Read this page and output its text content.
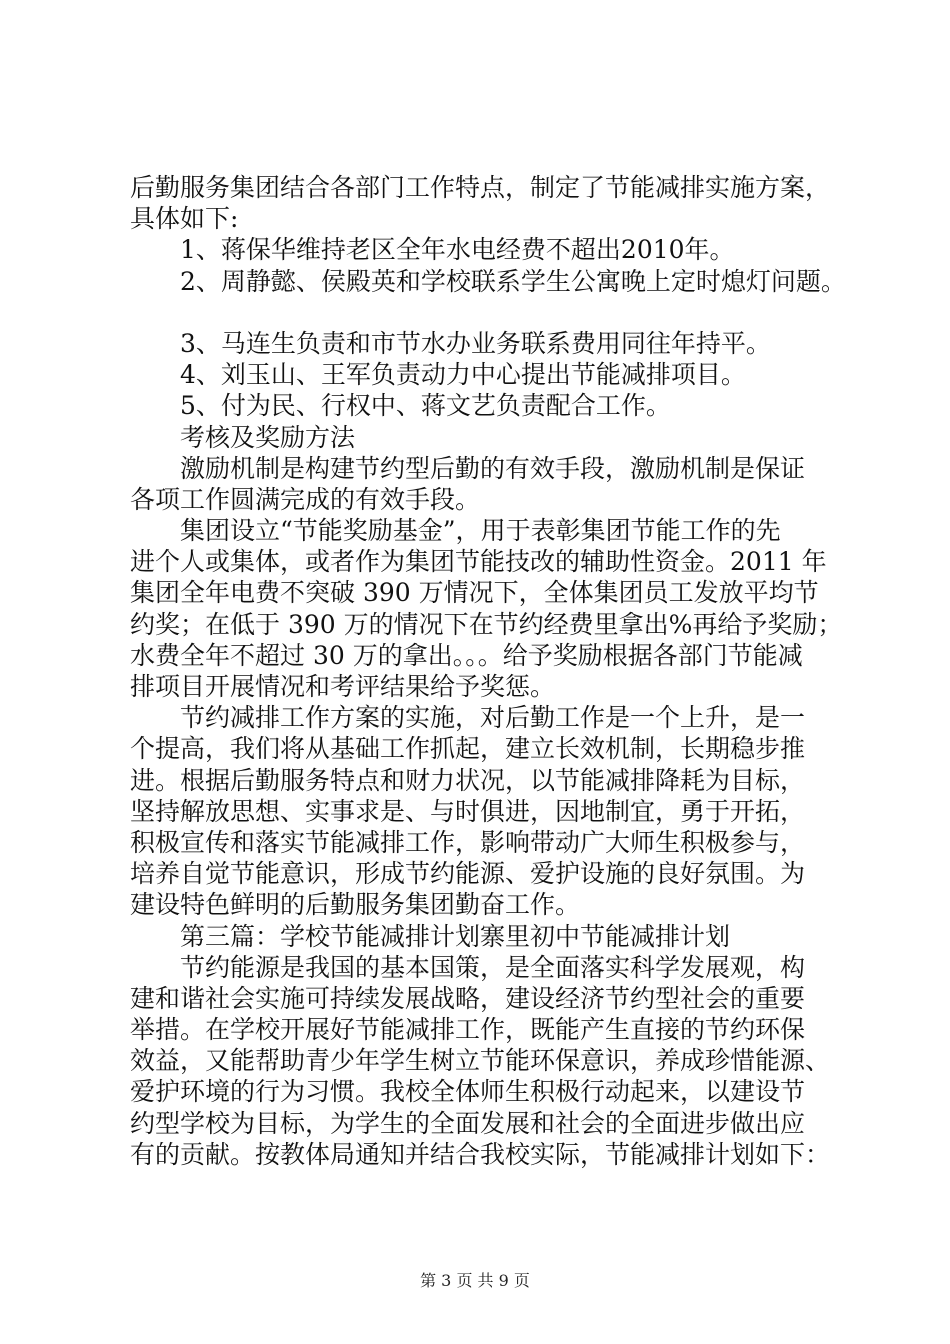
后勤服务集团结合各部门工作特点，制定了节能减排实施方案，
具体如下:
1、蒋保华维持老区全年水电经费不超出2010年。
2、周静懿、侯殿英和学校联系学生公寓晚上定时熄灯问题。
3、马连生负责和市节水办业务联系费用同往年持平。
4、刘玉山、王军负责动力中心提出节能减排项目。
5、付为民、行权中、蒋文艺负责配合工作。
考核及奖励方法
激励机制是构建节约型后勤的有效手段，激励机制是保证
各项工作圆满完成的有效手段。
集团设立“节能奖励基金”，用于表彰集团节能工作的先
进个人或集体，或者作为集团节能技改的辅助性资金。2011 年
集团全年电费不突破 390 万情况下，全体集团员工发放平均节
约奖；在低于 390 万的情况下在节约经费里拿出%再给予奖励；
水费全年不超过 30 万的拿出。。。给予奖励根据各部门节能减
排项目开展情况和考评结果给予奖惩。
节约减排工作方案的实施，对后勤工作是一个上升，是一
个提高，我们将从基础工作抓起，建立长效机制，长期稳步推
进。根据后勤服务特点和财力状况，以节能减排降耗为目标，
坚持解放思想、实事求是、与时俱进，因地制宜，勇于开拓，
积极宣传和落实节能减排工作，影响带动广大师生积极参与，
培养自觉节能意识，形成节约能源、爱护设施的良好氛围。为
建设特色鲜明的后勤服务集团勤奋工作。
第三篇：学校节能减排计划寨里初中节能减排计划
节约能源是我国的基本国策，是全面落实科学发展观，构
建和谐社会实施可持续发展战略，建设经济节约型社会的重要
举措。在学校开展好节能减排工作，既能产生直接的节约环保
效益，又能帮助青少年学生树立节能环保意识，养成珍惜能源、
爱护环境的行为习惯。我校全体师生积极行动起来，以建设节
约型学校为目标，为学生的全面发展和社会的全面进步做出应
有的贡献。按教体局通知并结合我校实际，节能减排计划如下：
第 3 页 共 9 页
